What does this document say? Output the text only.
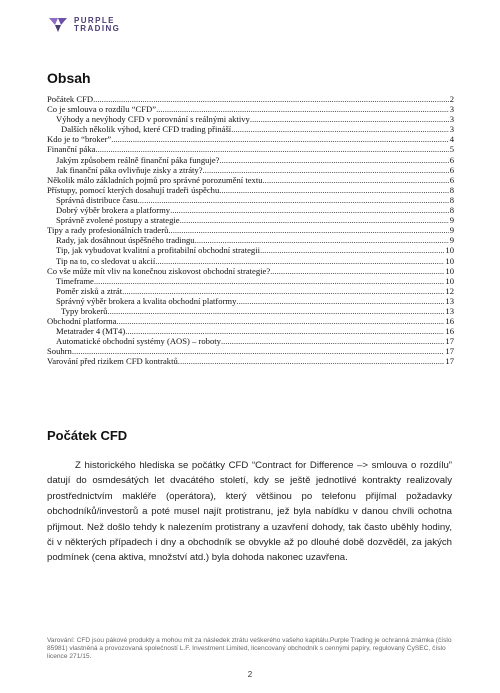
PURPLE
TRADING
Obsah
Počátek CFD .....	2
Co je smlouva o rozdílu “CFD” .....	3
Výhody a nevýhody CFD v porovnání s reálnými aktivy .....	3
Dalších několik výhod, které CFD trading přináší .....	3
Kdo je to “broker” .....	4
Finanční páka .....	5
Jakým způsobem reálně finanční páka funguje? .....	6
Jak finanční páka ovlivňuje zisky a ztráty? .....	6
Několik málo základních pojmů pro správné porozumění textu .....	6
Přístupy, pomocí kterých dosahují tradeři úspěchu .....	8
Správná distribuce času .....	8
Dobrý výběr brokera a platformy .....	8
Správně zvolené postupy a strategie .....	9
Tipy a rady profesionálních traderů .....	9
Rady, jak dosáhnout úspěšného tradingu .....	9
Tip, jak vybudovat kvalitní a profitabilní obchodní strategii .....	10
Tip na to, co sledovat u akcií .....	10
Co vše může mít vliv na konečnou ziskovost obchodní strategie? .....	10
Timeframe .....	10
Poměr zisků a ztrát .....	12
Správný výběr brokera a kvalita obchodní platformy .....	13
Typy brokerů .....	13
Obchodní platforma .....	16
Metatrader 4 (MT4) .....	16
Automatické obchodní systémy (AOS) – roboty .....	17
Souhrn .....	17
Varování před rizikem CFD kontraktů .....	17
Počátek CFD
Z historického hlediska se počátky CFD “Contract for Difference –> smlouva o rozdílu” datují do osmdesátých let dvacátého století, kdy se ještě jednotlivé kontrakty realizovaly prostřednictvím makléře (operátora), který většinou po telefonu přijímal požadavky obchodníků/investorů a poté musel najít protistranu, jež byla nabídku v danou chvíli ochotna přijmout. Než došlo tehdy k nalezením protistrany a uzavření dohody, tak často uběhly hodiny, či v některých případech i dny a obchodník se obvykle až po dlouhé době dozvěděl, za jakých podmínek (cena aktiva, množství atd.) byla dohoda nakonec uzavřena.
Varování: CFD jsou pákové produkty a mohou mít za následek ztrátu veškerého vašeho kapitálu.Purple Trading je ochranná známka (číslo 85981) vlastněná a provozovaná společností L.F. Investment Limited, licencovaný obchodník s cennými papíry, regulovaný CySEC, číslo licence 271/15.
2
